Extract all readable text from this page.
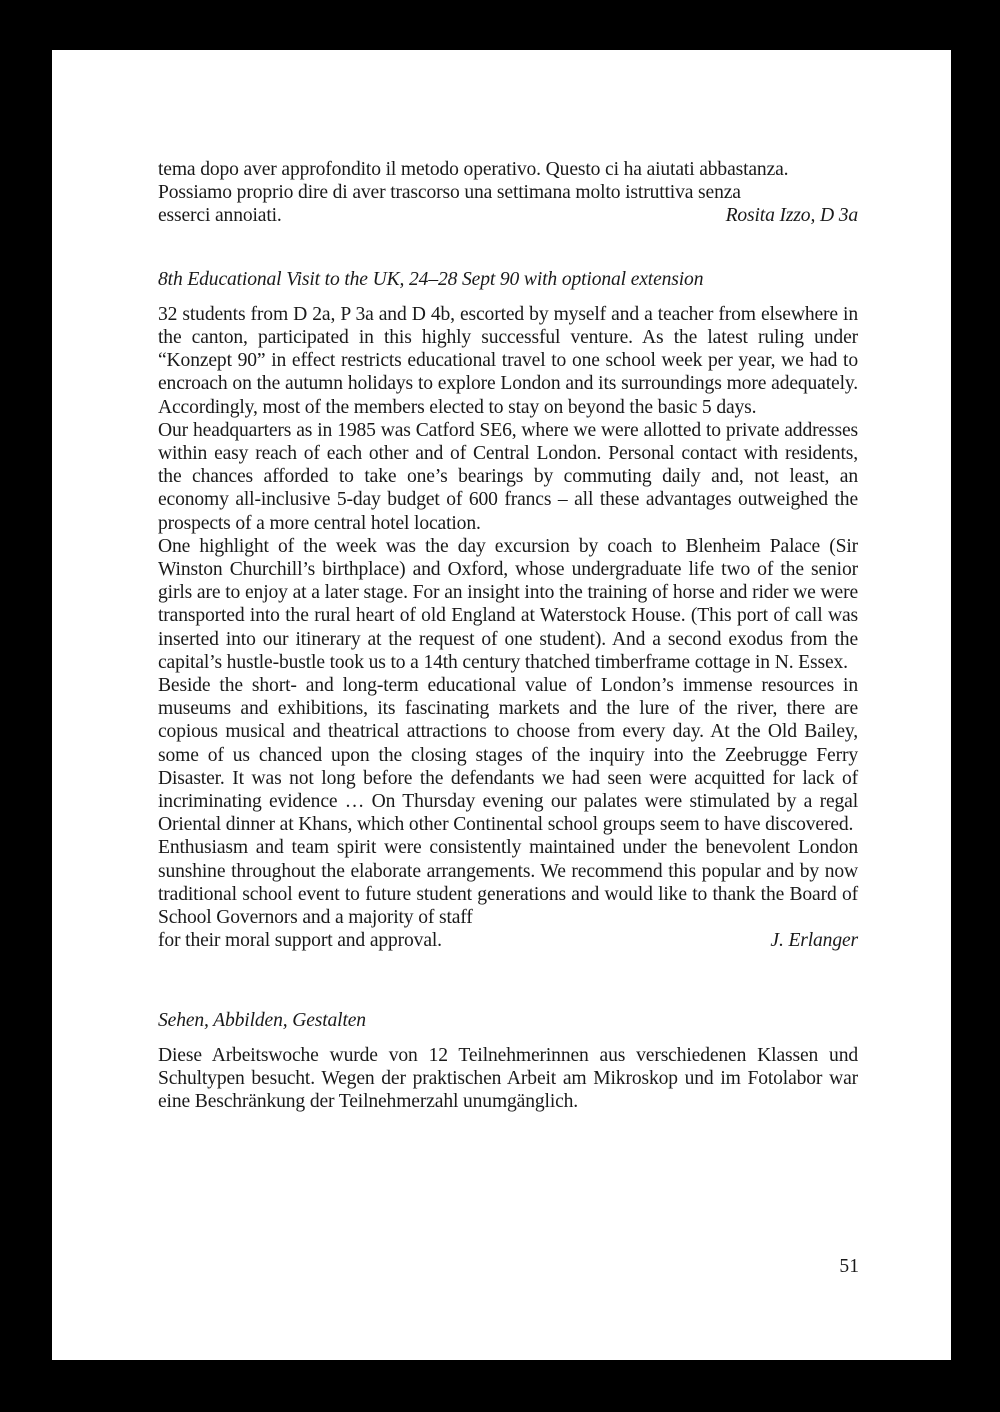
tema dopo aver approfondito il metodo operativo. Questo ci ha aiutati abbastanza.

Possiamo proprio dire di aver trascorso una settimana molto istruttiva senza

esserci annoiati.	Rosita Izzo, D 3a
8th Educational Visit to the UK, 24–28 Sept 90 with optional extension

32 students from D 2a, P 3a and D 4b, escorted by myself and a teacher from elsewhere in the canton, participated in this highly successful venture. As the latest ruling under “Konzept 90” in effect restricts educational travel to one school week per year, we had to encroach on the autumn holidays to explore London and its surroundings more adequately. Accordingly, most of the members elected to stay on beyond the basic 5 days.

Our headquarters as in 1985 was Catford SE6, where we were allotted to private addresses within easy reach of each other and of Central London. Personal contact with residents, the chances afforded to take one’s bearings by commuting daily and, not least, an economy all-inclusive 5-day budget of 600 francs – all these advantages outweighed the prospects of a more central hotel location.

One highlight of the week was the day excursion by coach to Blenheim Palace (Sir Winston Churchill’s birthplace) and Oxford, whose undergraduate life two of the senior girls are to enjoy at a later stage. For an insight into the training of horse and rider we were transported into the rural heart of old England at Waterstock House. (This port of call was inserted into our itinerary at the request of one student). And a second exodus from the capital’s hustle-bustle took us to a 14th century thatched timberframe cottage in N. Essex.

Beside the short- and long-term educational value of London’s immense resources in museums and exhibitions, its fascinating markets and the lure of the river, there are copious musical and theatrical attractions to choose from every day. At the Old Bailey, some of us chanced upon the closing stages of the inquiry into the Zeebrugge Ferry Disaster. It was not long before the defendants we had seen were acquitted for lack of incriminating evidence … On Thursday evening our palates were stimulated by a regal Oriental dinner at Khans, which other Continental school groups seem to have discovered.

Enthusiasm and team spirit were consistently maintained under the benevolent London sunshine throughout the elaborate arrangements. We recommend this popular and by now traditional school event to future student generations and would like to thank the Board of School Governors and a majority of staff

for their moral support and approval.	J. Erlanger
Sehen, Abbilden, Gestalten

Diese Arbeitswoche wurde von 12 Teilnehmerinnen aus verschiedenen Klassen und Schultypen besucht. Wegen der praktischen Arbeit am Mikroskop und im Fotolabor war eine Beschränkung der Teilnehmerzahl unumgänglich.

51
